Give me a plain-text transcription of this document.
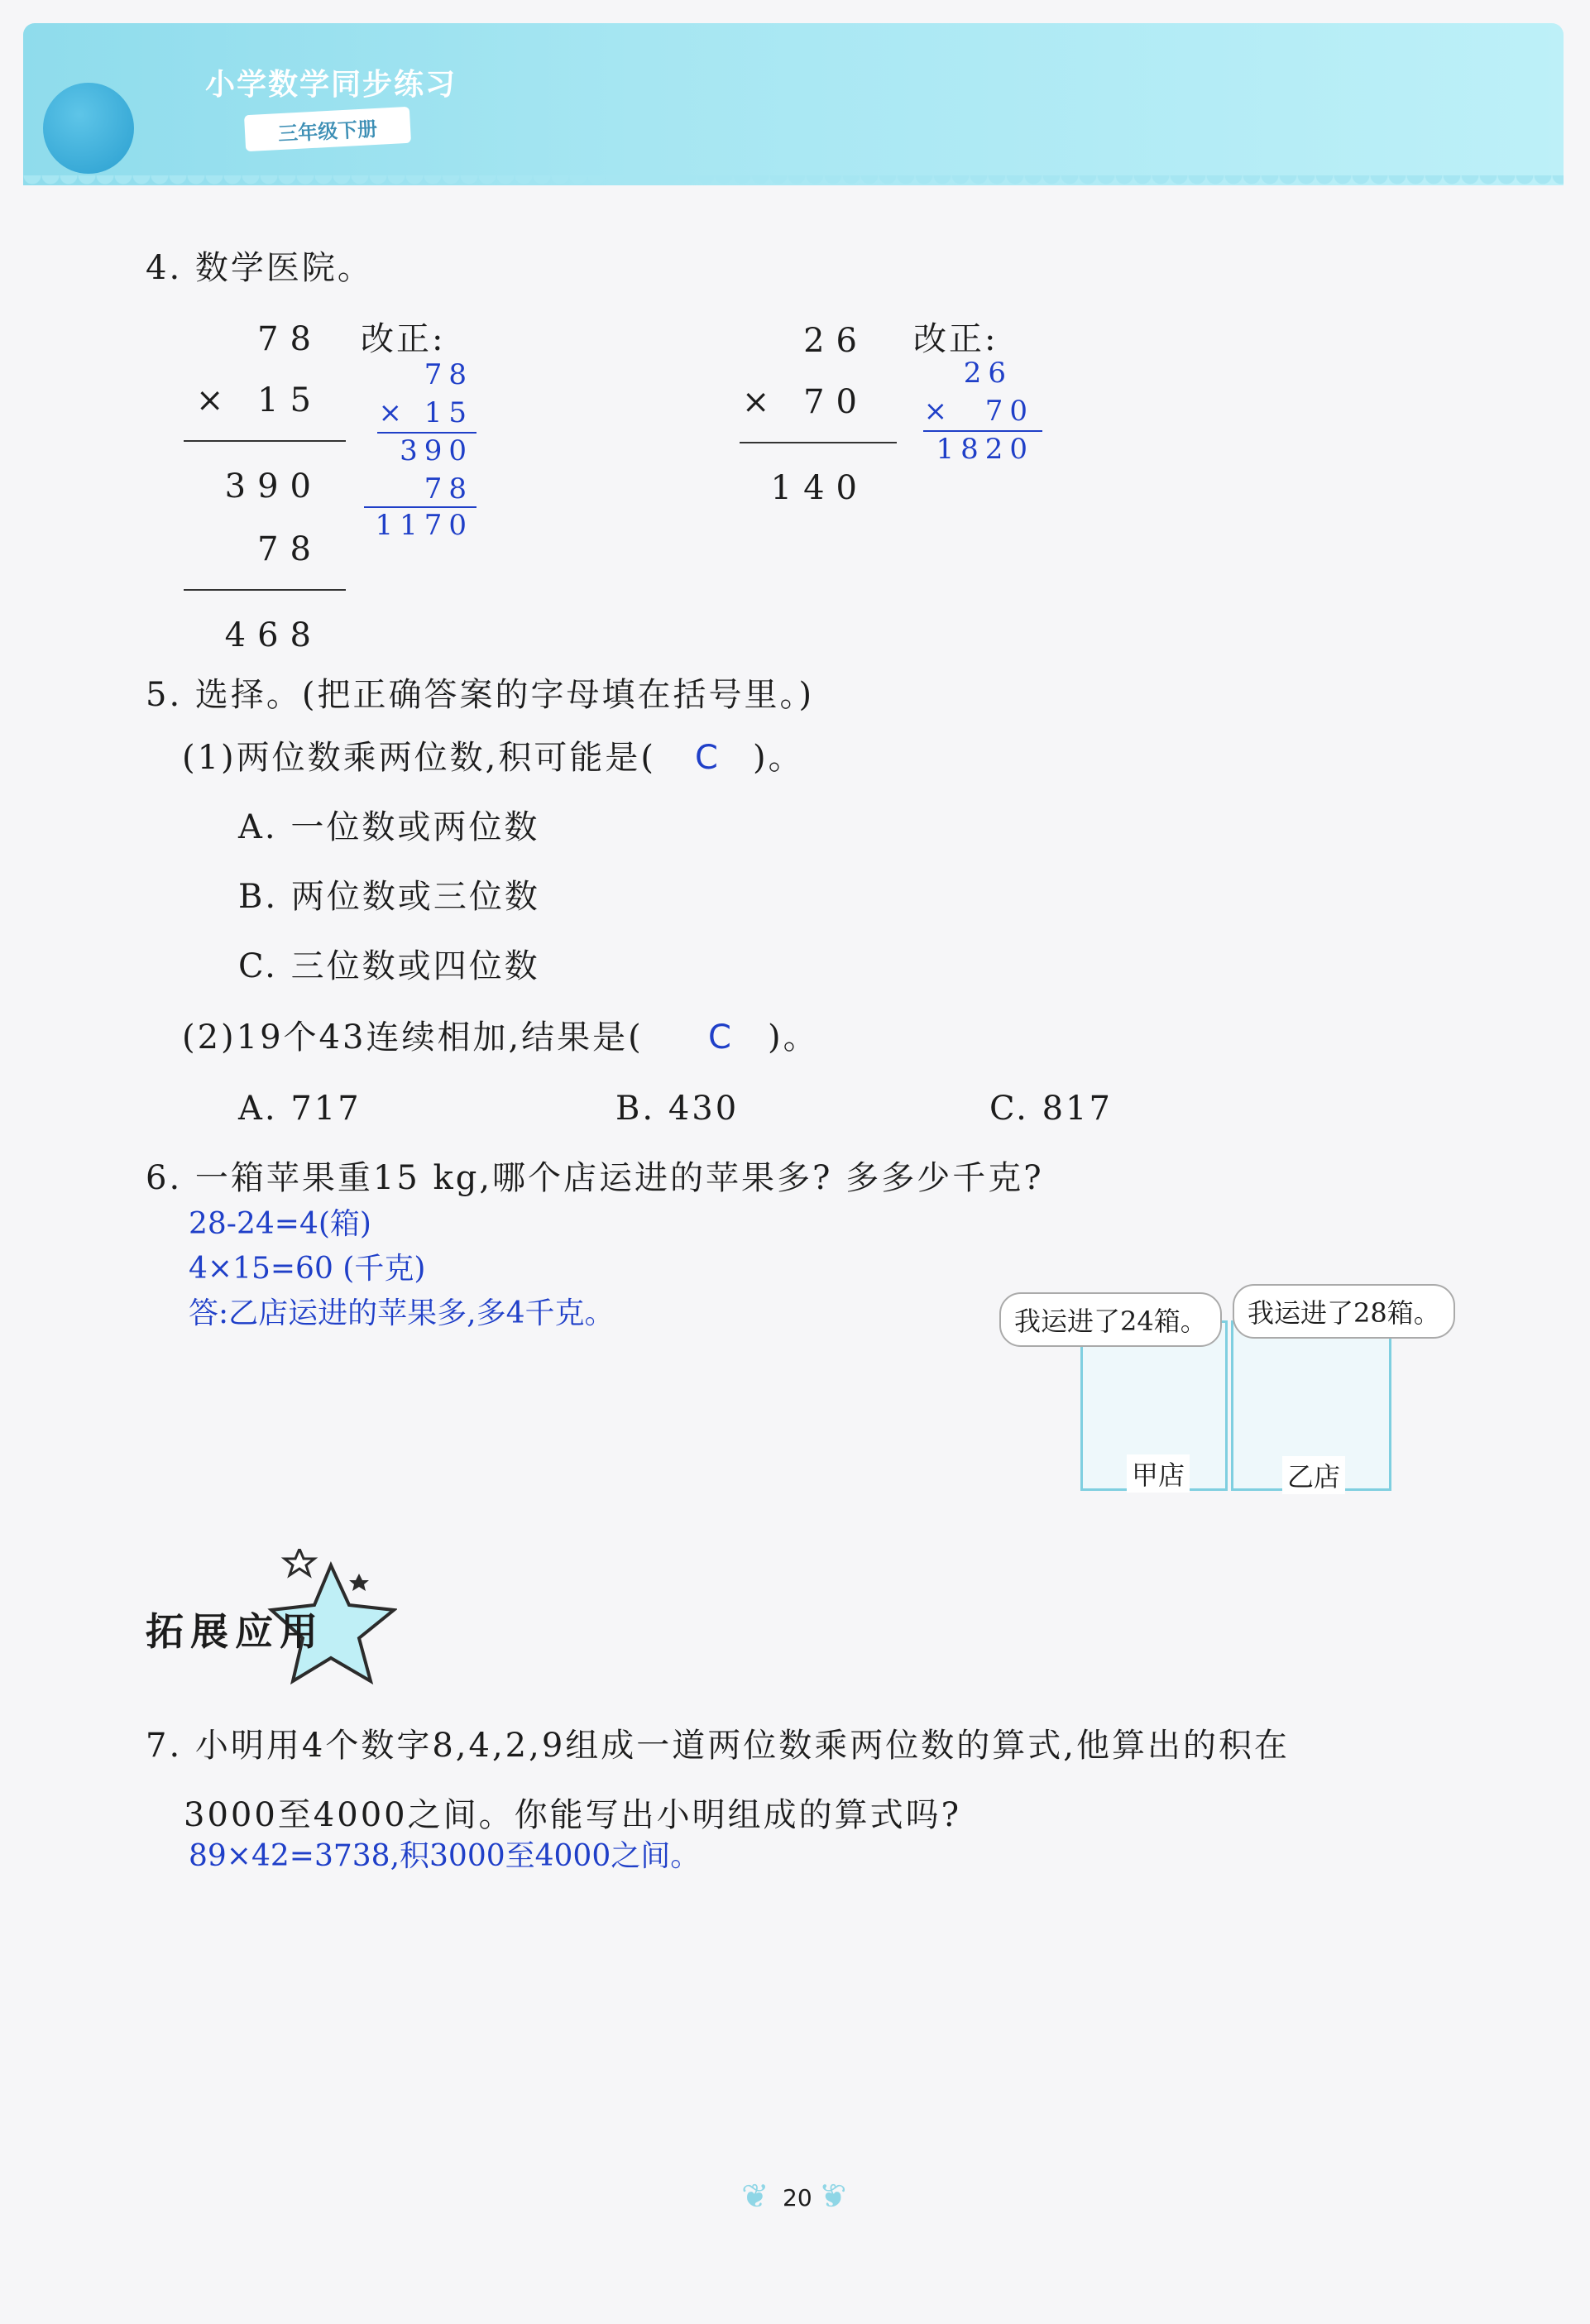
小学数学同步练习
三年级下册
4. 数学医院。
78
× 15
390
78
468
改正:
78
× 15
390
78
1170
26
× 70
140
改正:
26
×  70
1820
5. 选择。(把正确答案的字母填在括号里。)
(1)两位数乘两位数,积可能是( C )。
A. 一位数或两位数
B. 两位数或三位数
C. 三位数或四位数
(2)19个43连续相加,结果是( C )。
A. 717	B. 430	C. 817
6. 一箱苹果重15 kg,哪个店运进的苹果多? 多多少千克?
28-24=4(箱)
4×15=60 (千克)
答:乙店运进的苹果多,多4千克。	我运进了24箱。	我运进了28箱。
甲店	乙店
拓展应用
7. 小明用4个数字8,4,2,9组成一道两位数乘两位数的算式,他算出的积在
3000至4000之间。你能写出小明组成的算式吗?
89×42=3738,积3000至4000之间。
❦ 20 ❦
